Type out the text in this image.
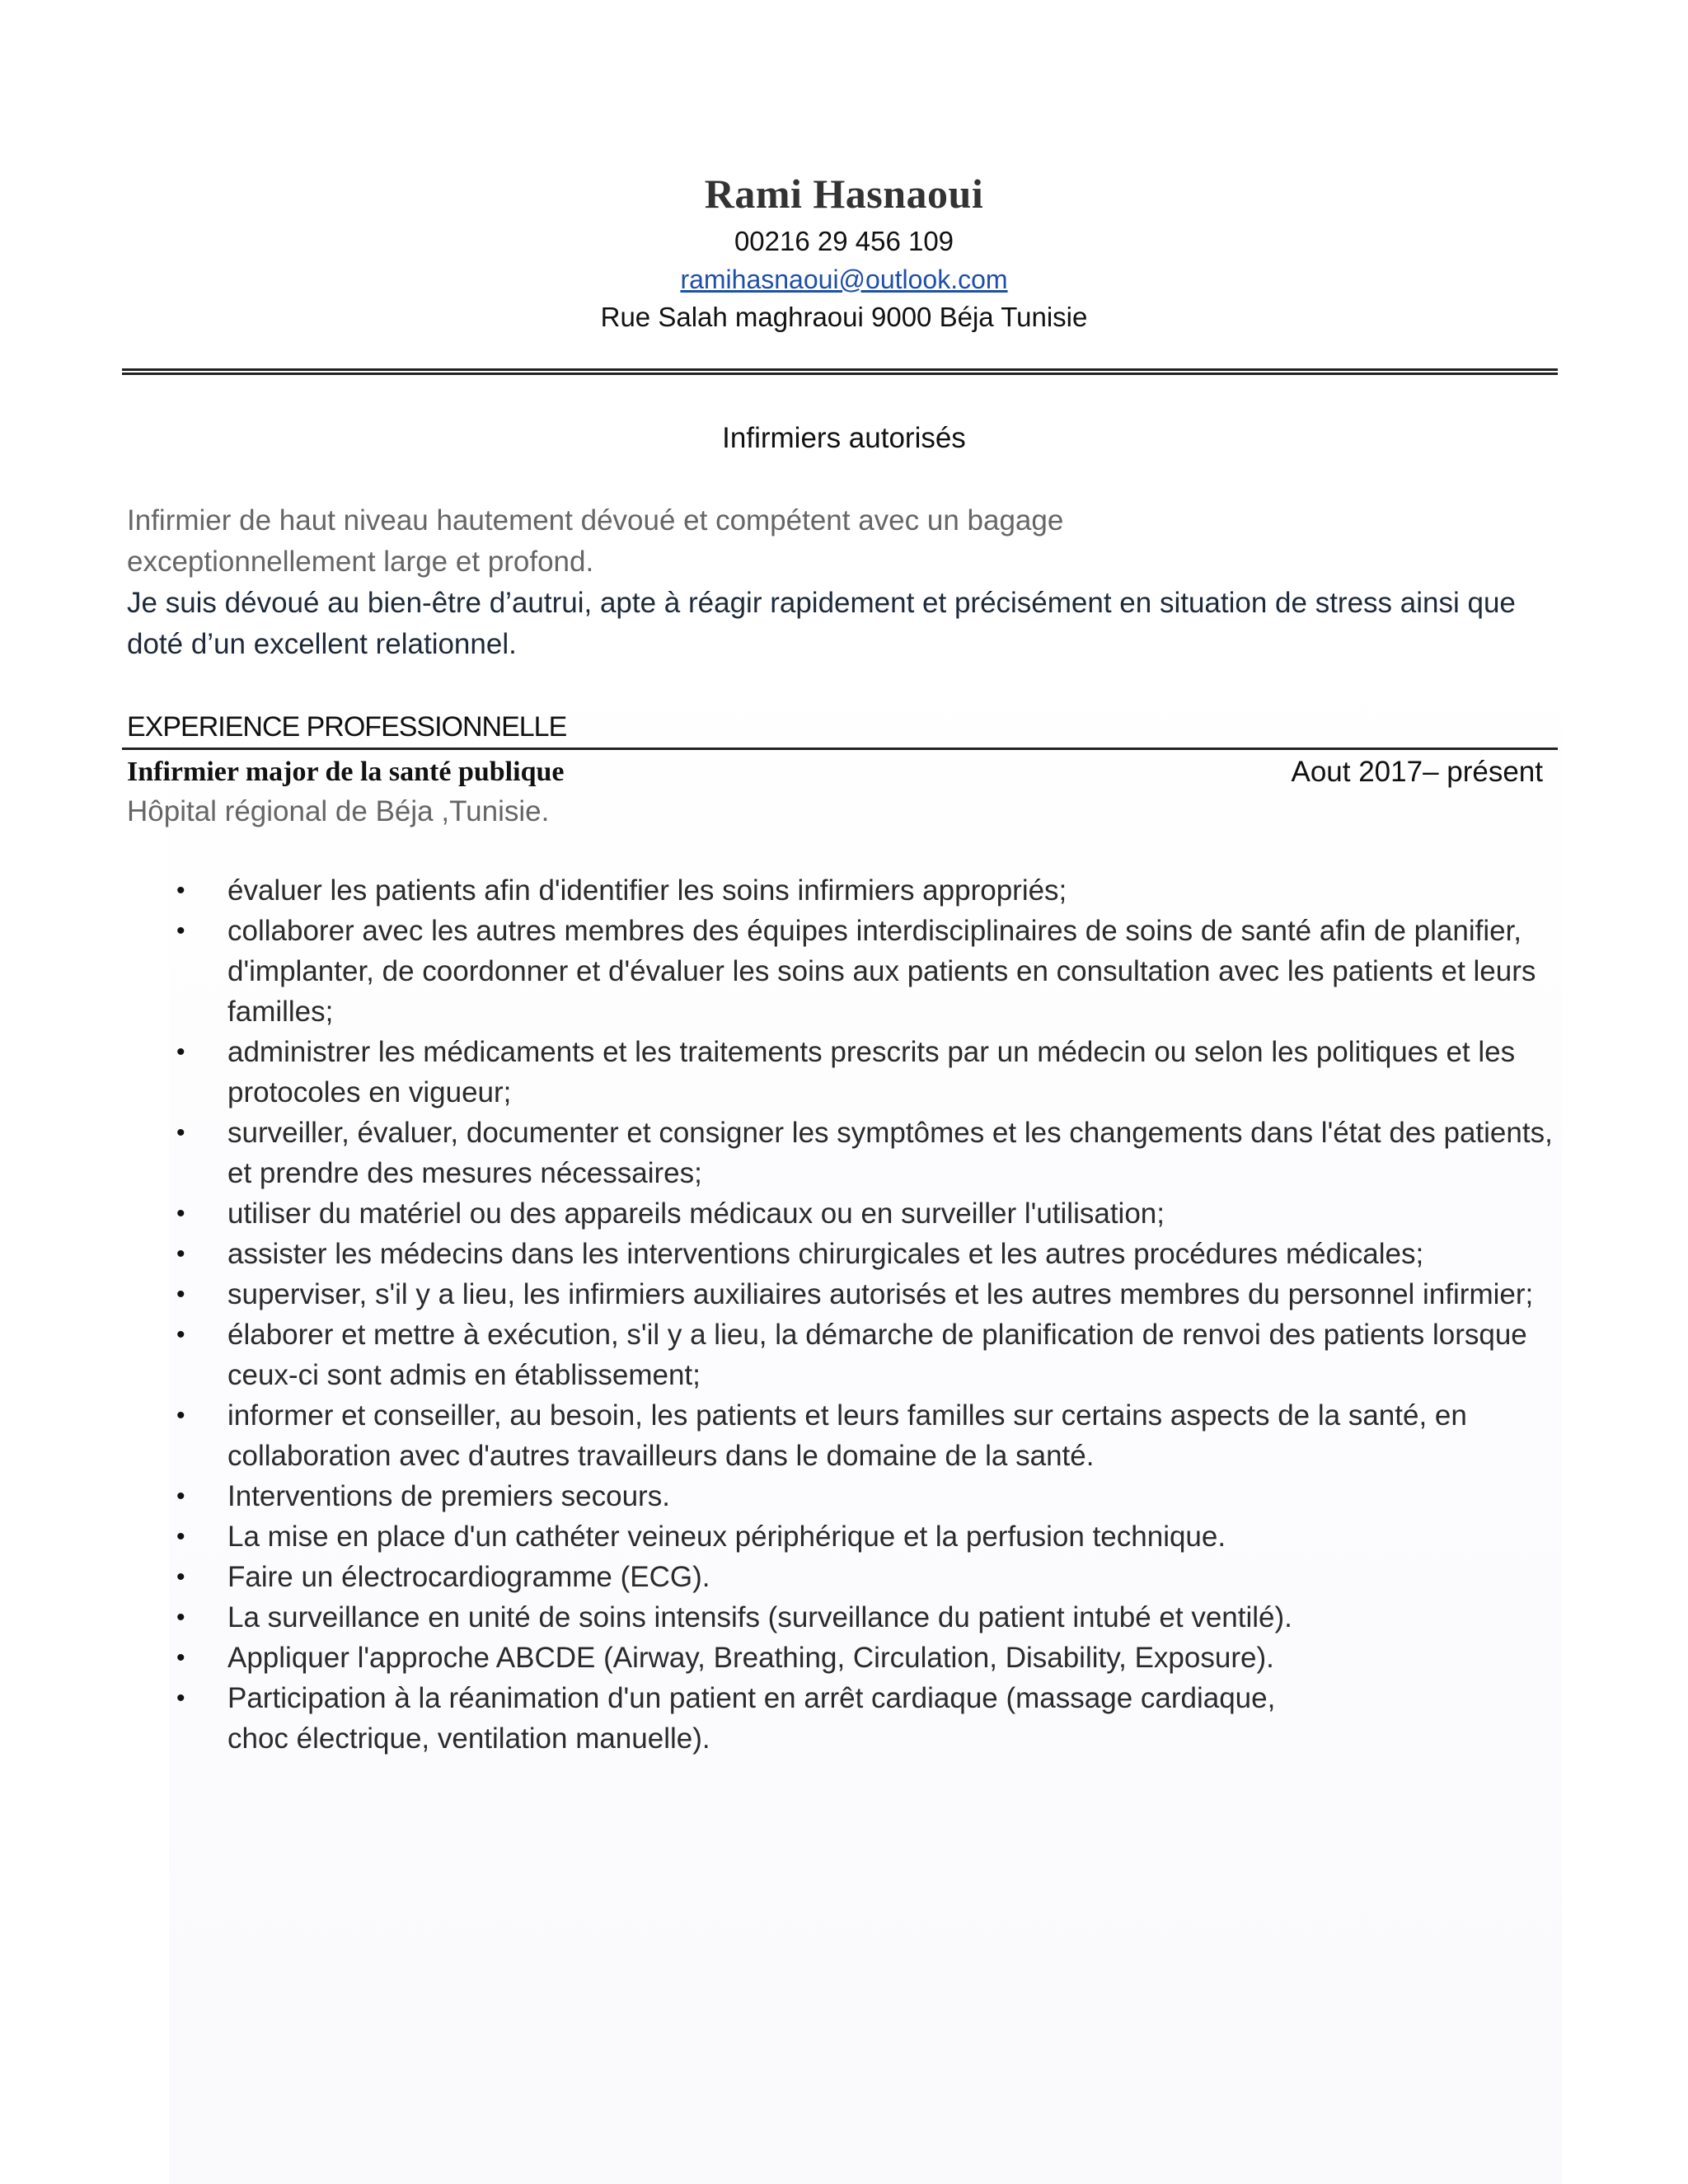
Rami Hasnaoui
00216 29 456 109
ramihasnaoui@outlook.com
Rue Salah maghraoui 9000 Béja Tunisie
Infirmiers autorisés
Infirmier de haut niveau hautement dévoué et compétent avec un bagage
exceptionnellement large et profond.
Je suis dévoué au bien-être d’autrui, apte à réagir rapidement et précisément en situation de stress ainsi que doté d’un excellent relationnel.
EXPERIENCE PROFESSIONNELLE
Infirmier major de la santé publique	Aout 2017– présent
Hôpital régional de Béja ,Tunisie.
• évaluer les patients afin d'identifier les soins infirmiers appropriés;
• collaborer avec les autres membres des équipes interdisciplinaires de soins de santé afin de planifier, d'implanter, de coordonner et d'évaluer les soins aux patients en consultation avec les patients et leurs familles;
• administrer les médicaments et les traitements prescrits par un médecin ou selon les politiques et les protocoles en vigueur;
• surveiller, évaluer, documenter et consigner les symptômes et les changements dans l'état des patients, et prendre des mesures nécessaires;
• utiliser du matériel ou des appareils médicaux ou en surveiller l'utilisation;
• assister les médecins dans les interventions chirurgicales et les autres procédures médicales;
• superviser, s'il y a lieu, les infirmiers auxiliaires autorisés et les autres membres du personnel infirmier;
• élaborer et mettre à exécution, s'il y a lieu, la démarche de planification de renvoi des patients lorsque ceux-ci sont admis en établissement;
• informer et conseiller, au besoin, les patients et leurs familles sur certains aspects de la santé, en collaboration avec d'autres travailleurs dans le domaine de la santé.
• Interventions de premiers secours.
• La mise en place d'un cathéter veineux périphérique et la perfusion technique.
• Faire un électrocardiogramme (ECG).
• La surveillance en unité de soins intensifs (surveillance du patient intubé et ventilé).
• Appliquer l'approche ABCDE (Airway, Breathing, Circulation, Disability, Exposure).
• Participation à la réanimation d'un patient en arrêt cardiaque (massage cardiaque, choc électrique, ventilation manuelle).
